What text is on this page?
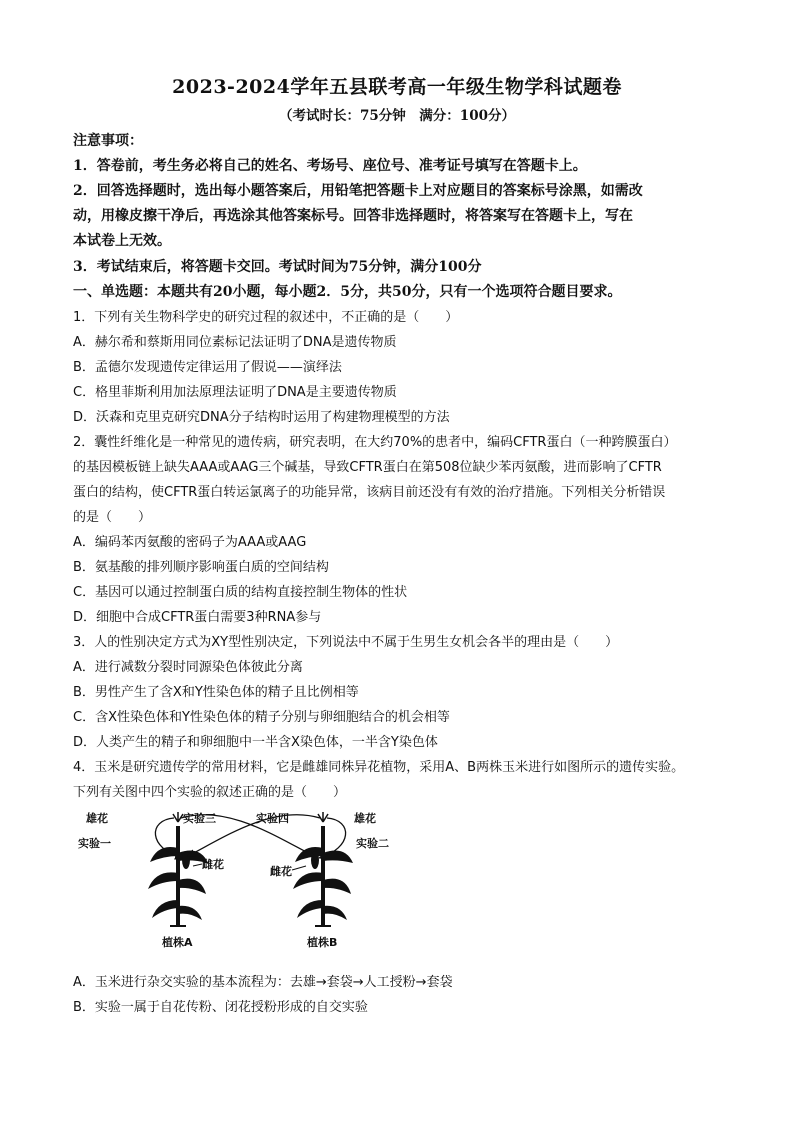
2023-2024学年五县联考高一年级生物学科试题卷
（考试时长：75分钟　满分：100分）
注意事项：
1．答卷前，考生务必将自己的姓名、考场号、座位号、准考证号填写在答题卡上。
2．回答选择题时，选出每小题答案后，用铅笔把答题卡上对应题目的答案标号涂黑，如需改
动，用橡皮擦干净后，再选涂其他答案标号。回答非选择题时，将答案写在答题卡上，写在
本试卷上无效。
3．考试结束后，将答题卡交回。考试时间为75分钟，满分100分
一、单选题：本题共有20小题，每小题2．5分，共50分，只有一个选项符合题目要求。
1．下列有关生物科学史的研究过程的叙述中，不正确的是（　　）
A．赫尔希和蔡斯用同位素标记法证明了DNA是遗传物质
B．孟德尔发现遗传定律运用了假说——演绎法
C．格里菲斯利用加法原理法证明了DNA是主要遗传物质
D．沃森和克里克研究DNA分子结构时运用了构建物理模型的方法
2．囊性纤维化是一种常见的遗传病，研究表明，在大约70%的患者中，编码CFTR蛋白（一种跨膜蛋白）
的基因模板链上缺失AAA或AAG三个碱基，导致CFTR蛋白在第508位缺少苯丙氨酸，进而影响了CFTR
蛋白的结构，使CFTR蛋白转运氯离子的功能异常，该病目前还没有有效的治疗措施。下列相关分析错误
的是（　　）
A．编码苯丙氨酸的密码子为AAA或AAG
B．氨基酸的排列顺序影响蛋白质的空间结构
C．基因可以通过控制蛋白质的结构直接控制生物体的性状
D．细胞中合成CFTR蛋白需要3种RNA参与
3．人的性别决定方式为XY型性别决定，下列说法中不属于生男生女机会各半的理由是（　　）
A．进行减数分裂时同源染色体彼此分离
B．男性产生了含X和Y性染色体的精子且比例相等
C．含X性染色体和Y性染色体的精子分别与卵细胞结合的机会相等
D．人类产生的精子和卵细胞中一半含X染色体，一半含Y染色体
4．玉米是研究遗传学的常用材料，它是雌雄同株异花植物，采用A、B两株玉米进行如图所示的遗传实验。
下列有关图中四个实验的叙述正确的是（　　）
雄花	实验三	实验四	雄花
实验一	实验二
雌花
雌花
植株A	植株B
A．玉米进行杂交实验的基本流程为：去雄→套袋→人工授粉→套袋
B．实验一属于自花传粉、闭花授粉形成的自交实验
